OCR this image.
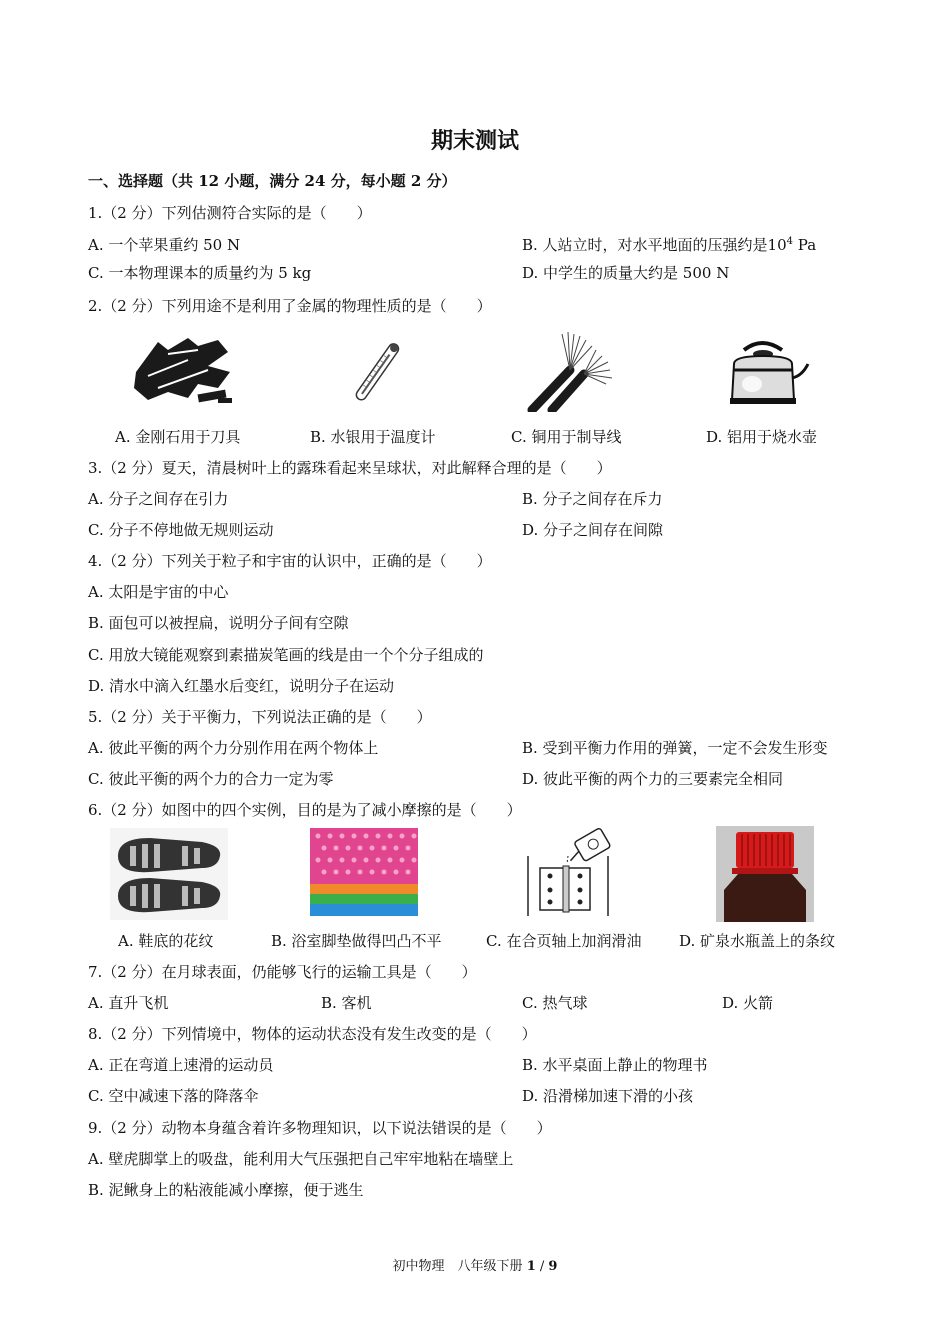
期末测试
一、选择题（共 12 小题，满分 24 分，每小题 2 分）
1.（2 分）下列估测符合实际的是（　　）
A. 一个苹果重约 50 N	B. 人站立时，对水平地面的压强约是$10^4$ Pa
C. 一本物理课本的质量约为 5 kg	D. 中学生的质量大约是 500 N
2.（2 分）下列用途不是利用了金属的物理性质的是（　　）
A. 金刚石用于刀具	B. 水银用于温度计	C. 铜用于制导线	D. 铝用于烧水壶
3.（2 分）夏天，清晨树叶上的露珠看起来呈球状，对此解释合理的是（　　）
A. 分子之间存在引力	B. 分子之间存在斥力
C. 分子不停地做无规则运动	D. 分子之间存在间隙
4.（2 分）下列关于粒子和宇宙的认识中，正确的是（　　）
A. 太阳是宇宙的中心
B. 面包可以被捏扁，说明分子间有空隙
C. 用放大镜能观察到素描炭笔画的线是由一个个分子组成的
D. 清水中滴入红墨水后变红，说明分子在运动
5.（2 分）关于平衡力，下列说法正确的是（　　）
A. 彼此平衡的两个力分别作用在两个物体上	B. 受到平衡力作用的弹簧，一定不会发生形变
C. 彼此平衡的两个力的合力一定为零	D. 彼此平衡的两个力的三要素完全相同
6.（2 分）如图中的四个实例，目的是为了减小摩擦的是（　　）
A. 鞋底的花纹	B. 浴室脚垫做得凹凸不平	C. 在合页轴上加润滑油	D. 矿泉水瓶盖上的条纹
7.（2 分）在月球表面，仍能够飞行的运输工具是（　　）
A. 直升飞机	B. 客机	C. 热气球	D. 火箭
8.（2 分）下列情境中，物体的运动状态没有发生改变的是（　　）
A. 正在弯道上速滑的运动员	B. 水平桌面上静止的物理书
C. 空中减速下落的降落伞	D. 沿滑梯加速下滑的小孩
9.（2 分）动物本身蕴含着许多物理知识，以下说法错误的是（　　）
A. 壁虎脚掌上的吸盘，能利用大气压强把自己牢牢地粘在墙壁上
B. 泥鳅身上的粘液能减小摩擦，便于逃生
初中物理　八年级下册 1 / 9
